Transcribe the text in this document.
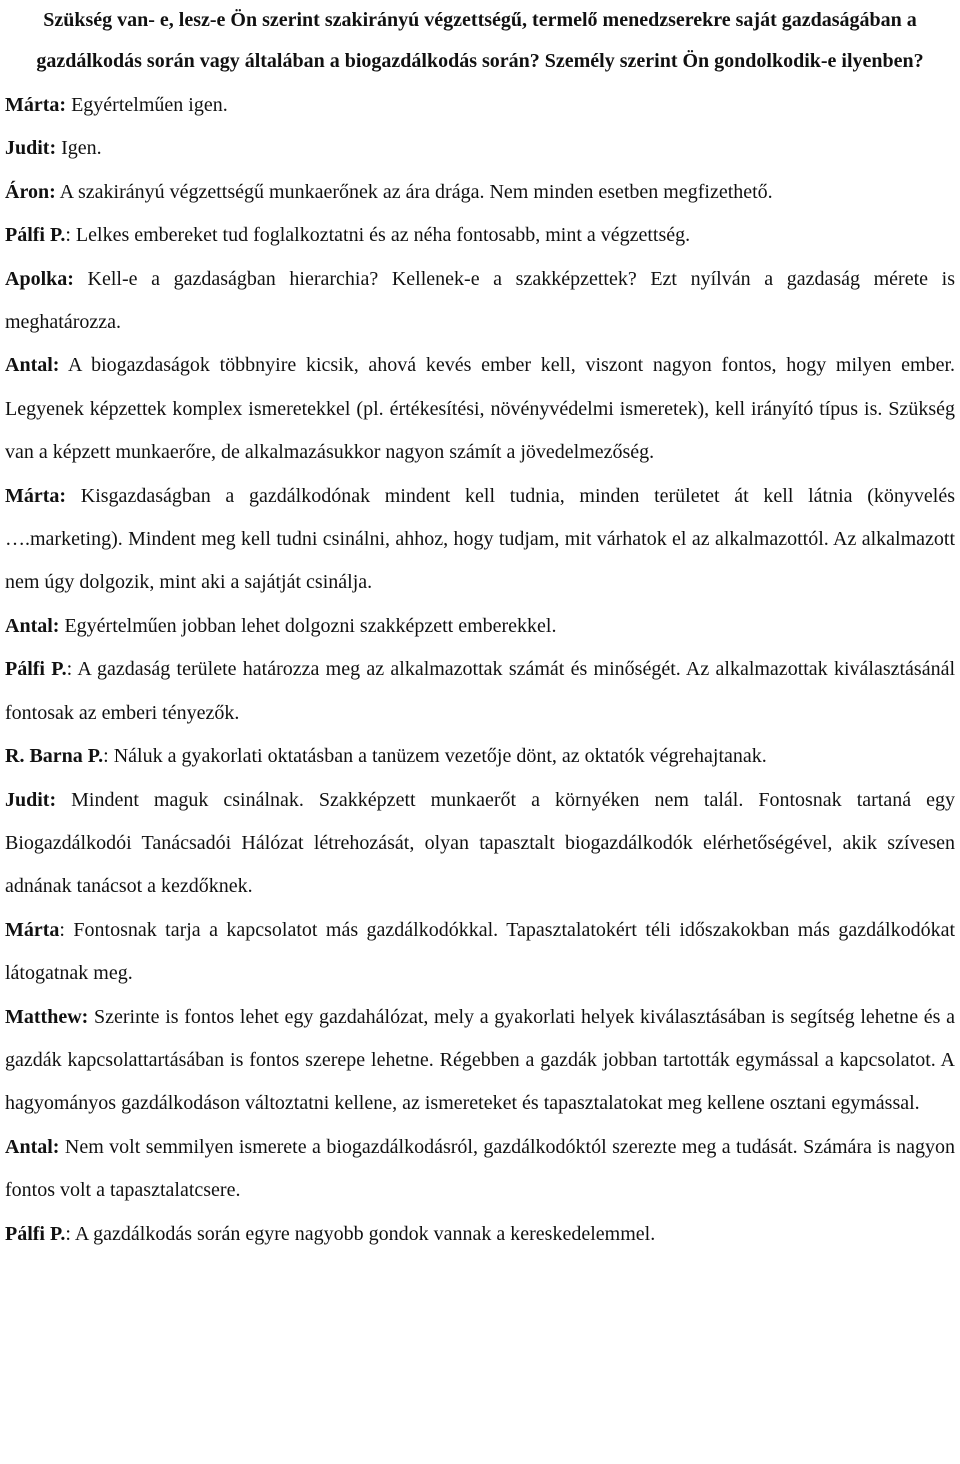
Szükség van- e, lesz-e Ön szerint szakirányú végzettségű, termelő menedzserekre saját gazdaságában a gazdálkodás során vagy általában a biogazdálkodás során? Személy szerint Ön gondolkodik-e ilyenben?

Márta: Egyértelműen igen.

Judit: Igen.

Áron: A szakirányú végzettségű munkaerőnek az ára drága. Nem minden esetben megfizethető.

Pálfi P.: Lelkes embereket tud foglalkoztatni és az néha fontosabb, mint a végzettség.

Apolka: Kell-e a gazdaságban hierarchia? Kellenek-e a szakképzettek? Ezt nyílván a gazdaság mérete is meghatározza.

Antal: A biogazdaságok többnyire kicsik, ahová kevés ember kell, viszont nagyon fontos, hogy milyen ember. Legyenek képzettek komplex ismeretekkel (pl. értékesítési, növényvédelmi ismeretek), kell irányító típus is. Szükség van a képzett munkaerőre, de alkalmazásukkor nagyon számít a jövedelmezőség.

Márta: Kisgazdaságban a gazdálkodónak mindent kell tudnia, minden területet át kell látnia (könyvelés ….marketing). Mindent meg kell tudni csinálni, ahhoz, hogy tudjam, mit várhatok el az alkalmazottól. Az alkalmazott nem úgy dolgozik, mint aki a sajátját csinálja.

Antal: Egyértelműen jobban lehet dolgozni szakképzett emberekkel.

Pálfi P.: A gazdaság területe határozza meg az alkalmazottak számát és minőségét. Az alkalmazottak kiválasztásánál fontosak az emberi tényezők.

R. Barna P.: Náluk a gyakorlati oktatásban a tanüzem vezetője dönt, az oktatók végrehajtanak.

Judit: Mindent maguk csinálnak. Szakképzett munkaerőt a környéken nem talál. Fontosnak tartaná egy Biogazdálkodói Tanácsadói Hálózat létrehozását, olyan tapasztalt biogazdálkodók elérhetőségével, akik szívesen adnának tanácsot a kezdőknek.

Márta: Fontosnak tarja a kapcsolatot más gazdálkodókkal. Tapasztalatokért téli időszakokban más gazdálkodókat látogatnak meg.

Matthew: Szerinte is fontos lehet egy gazdahálózat, mely a gyakorlati helyek kiválasztásában is segítség lehetne és a gazdák kapcsolattartásában is fontos szerepe lehetne. Régebben a gazdák jobban tartották egymással a kapcsolatot. A hagyományos gazdálkodáson változtatni kellene, az ismereteket és tapasztalatokat meg kellene osztani egymással.

Antal: Nem volt semmilyen ismerete a biogazdálkodásról, gazdálkodóktól szerezte meg a tudását. Számára is nagyon fontos volt a tapasztalatcsere.

Pálfi P.: A gazdálkodás során egyre nagyobb gondok vannak a kereskedelemmel.
